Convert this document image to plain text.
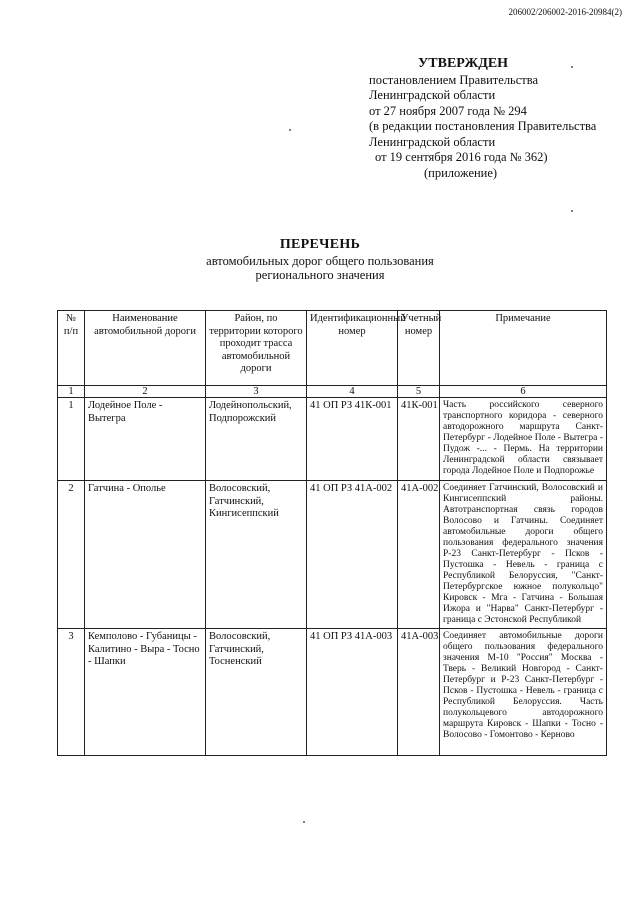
206002/206002-2016-20984(2)
УТВЕРЖДЕН
постановлением Правительства
Ленинградской области
от 27 ноября 2007 года № 294
(в редакции постановления Правительства
Ленинградской области
от 19 сентября 2016 года № 362)
(приложение)
ПЕРЕЧЕНЬ
автомобильных дорог общего пользования
регионального значения
№ п/п	Наименование автомобильной дороги	Район, по территории которого проходит трасса автомобильной дороги	Идентификационный номер	Учетный номер	Примечание
1	2	3	4	5	6
1	Лодейное Поле - Вытегра	Лодейнопольский, Подпорожский	41 ОП РЗ 41К-001	41К-001	Часть российского северного транспортного коридора - северного автодорожного маршрута Санкт-Петербург - Лодейное Поле - Вытегра - Пудож -... - Пермь. На территории Ленинградской области связывает города Лодейное Поле и Подпорожье
2	Гатчина - Ополье	Волосовский, Гатчинский, Кингисеппский	41 ОП РЗ 41А-002	41А-002	Соединяет Гатчинский, Волосовский и Кингисеппский районы. Автотранспортная связь городов Волосово и Гатчины. Соединяет автомобильные дороги общего пользования федерального значения Р-23 Санкт-Петербург - Псков - Пустошка - Невель - граница с Республикой Белоруссия, "Санкт-Петербургское южное полукольцо" Кировск - Мга - Гатчина - Большая Ижора и "Нарва" Санкт-Петербург - граница с Эстонской Республикой
3	Кемполово - Губаницы - Калитино - Выра - Тосно - Шапки	Волосовский, Гатчинский, Тосненский	41 ОП РЗ 41А-003	41А-003	Соединяет автомобильные дороги общего пользования федерального значения М-10 "Россия" Москва - Тверь - Великий Новгород - Санкт-Петербург и Р-23 Санкт-Петербург - Псков - Пустошка - Невель - граница с Республикой Белоруссия. Часть полукольцевого автодорожного маршрута Кировск - Шапки - Тосно - Волосово - Гомонтово - Керново
